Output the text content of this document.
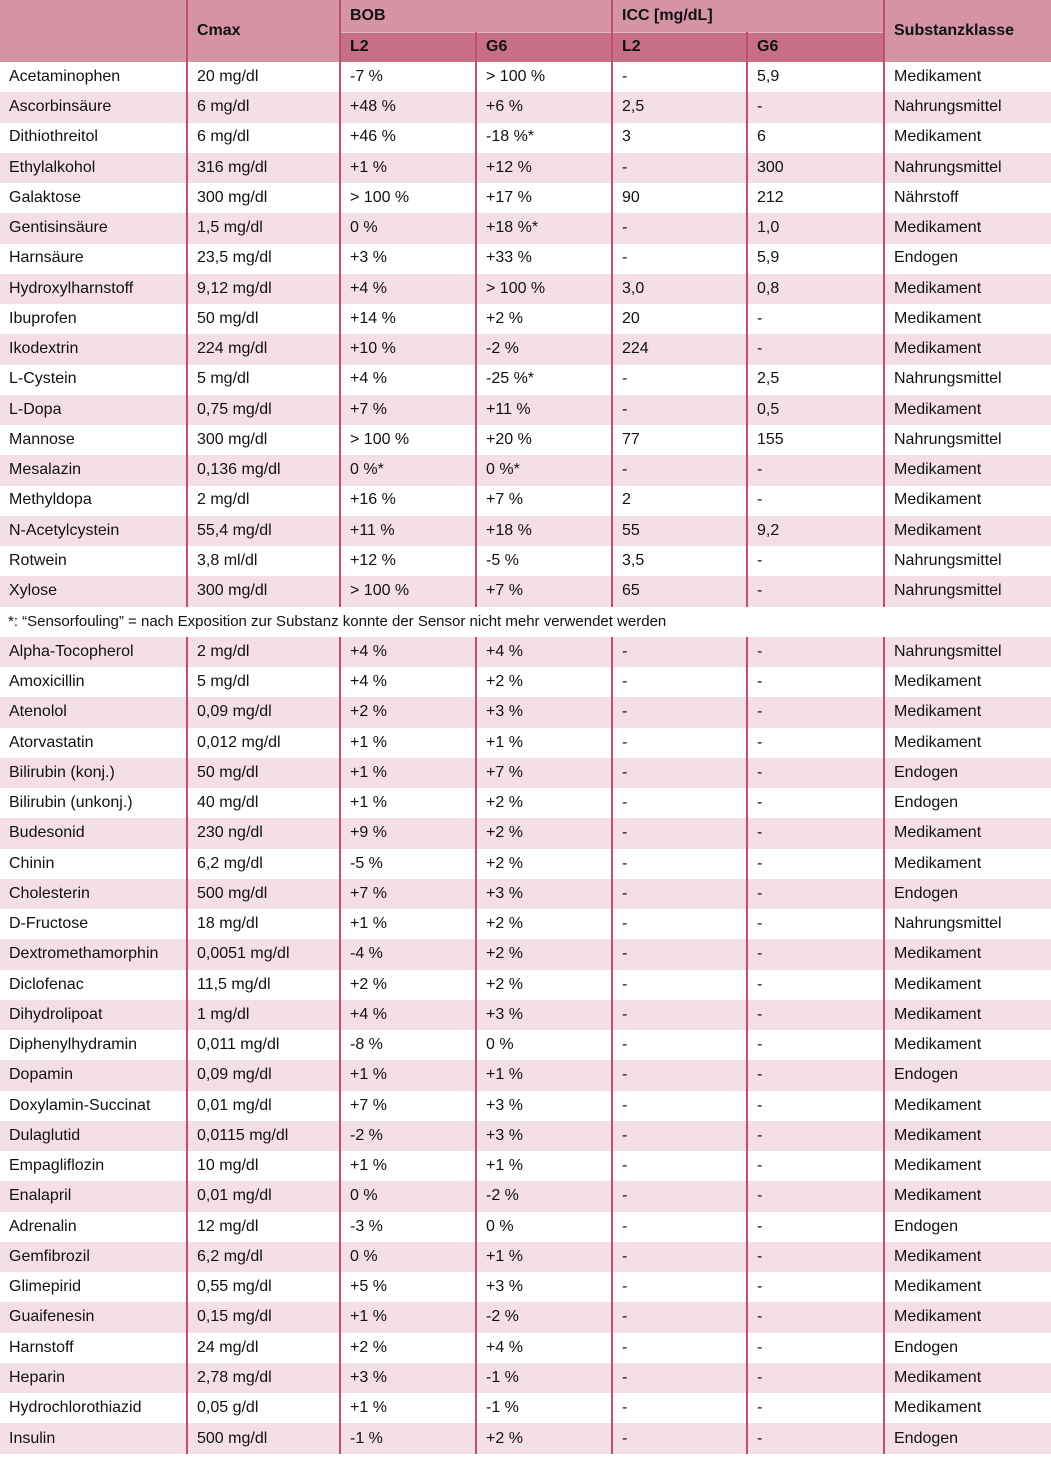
	Cmax	BOB		ICC [mg/dL]		Substanzklasse
		L2	G6	L2	G6	
Acetaminophen	20 mg/dl	-7 %	> 100 %	-	5,9	Medikament
Ascorbinsäure	6 mg/dl	+48 %	+6 %	2,5	-	Nahrungsmittel
Dithiothreitol	6 mg/dl	+46 %	-18 %*	3	6	Medikament
Ethylalkohol	316 mg/dl	+1 %	+12 %	-	300	Nahrungsmittel
Galaktose	300 mg/dl	> 100 %	+17 %	90	212	Nährstoff
Gentisinsäure	1,5 mg/dl	0 %	+18 %*	-	1,0	Medikament
Harnsäure	23,5 mg/dl	+3 %	+33 %	-	5,9	Endogen
Hydroxylharnstoff	9,12 mg/dl	+4 %	> 100 %	3,0	0,8	Medikament
Ibuprofen	50 mg/dl	+14 %	+2 %	20	-	Medikament
Ikodextrin	224 mg/dl	+10 %	-2 %	224	-	Medikament
L-Cystein	5 mg/dl	+4 %	-25 %*	-	2,5	Nahrungsmittel
L-Dopa	0,75 mg/dl	+7 %	+11 %	-	0,5	Medikament
Mannose	300 mg/dl	> 100 %	+20 %	77	155	Nahrungsmittel
Mesalazin	0,136 mg/dl	0 %*	0 %*	-	-	Medikament
Methyldopa	2 mg/dl	+16 %	+7 %	2	-	Medikament
N-Acetylcystein	55,4 mg/dl	+11 %	+18 %	55	9,2	Medikament
Rotwein	3,8 ml/dl	+12 %	-5 %	3,5	-	Nahrungsmittel
Xylose	300 mg/dl	> 100 %	+7 %	65	-	Nahrungsmittel
*: “Sensorfouling” = nach Exposition zur Substanz konnte der Sensor nicht mehr verwendet werden						
Alpha-Tocopherol	2 mg/dl	+4 %	+4 %	-	-	Nahrungsmittel
Amoxicillin	5 mg/dl	+4 %	+2 %	-	-	Medikament
Atenolol	0,09 mg/dl	+2 %	+3 %	-	-	Medikament
Atorvastatin	0,012 mg/dl	+1 %	+1 %	-	-	Medikament
Bilirubin (konj.)	50 mg/dl	+1 %	+7 %	-	-	Endogen
Bilirubin (unkonj.)	40 mg/dl	+1 %	+2 %	-	-	Endogen
Budesonid	230 ng/dl	+9 %	+2 %	-	-	Medikament
Chinin	6,2 mg/dl	-5 %	+2 %	-	-	Medikament
Cholesterin	500 mg/dl	+7 %	+3 %	-	-	Endogen
D-Fructose	18 mg/dl	+1 %	+2 %	-	-	Nahrungsmittel
Dextromethamorphin	0,0051 mg/dl	-4 %	+2 %	-	-	Medikament
Diclofenac	11,5 mg/dl	+2 %	+2 %	-	-	Medikament
Dihydrolipoat	1 mg/dl	+4 %	+3 %	-	-	Medikament
Diphenylhydramin	0,011 mg/dl	-8 %	0 %	-	-	Medikament
Dopamin	0,09 mg/dl	+1 %	+1 %	-	-	Endogen
Doxylamin-Succinat	0,01 mg/dl	+7 %	+3 %	-	-	Medikament
Dulaglutid	0,0115 mg/dl	-2 %	+3 %	-	-	Medikament
Empagliflozin	10 mg/dl	+1 %	+1 %	-	-	Medikament
Enalapril	0,01 mg/dl	0 %	-2 %	-	-	Medikament
Adrenalin	12 mg/dl	-3 %	0 %	-	-	Endogen
Gemfibrozil	6,2 mg/dl	0 %	+1 %	-	-	Medikament
Glimepirid	0,55 mg/dl	+5 %	+3 %	-	-	Medikament
Guaifenesin	0,15 mg/dl	+1 %	-2 %	-	-	Medikament
Harnstoff	24 mg/dl	+2 %	+4 %	-	-	Endogen
Heparin	2,78 mg/dl	+3 %	-1 %	-	-	Medikament
Hydrochlorothiazid	0,05 g/dl	+1 %	-1 %	-	-	Medikament
Insulin	500 mg/dl	-1 %	+2 %	-	-	Endogen
